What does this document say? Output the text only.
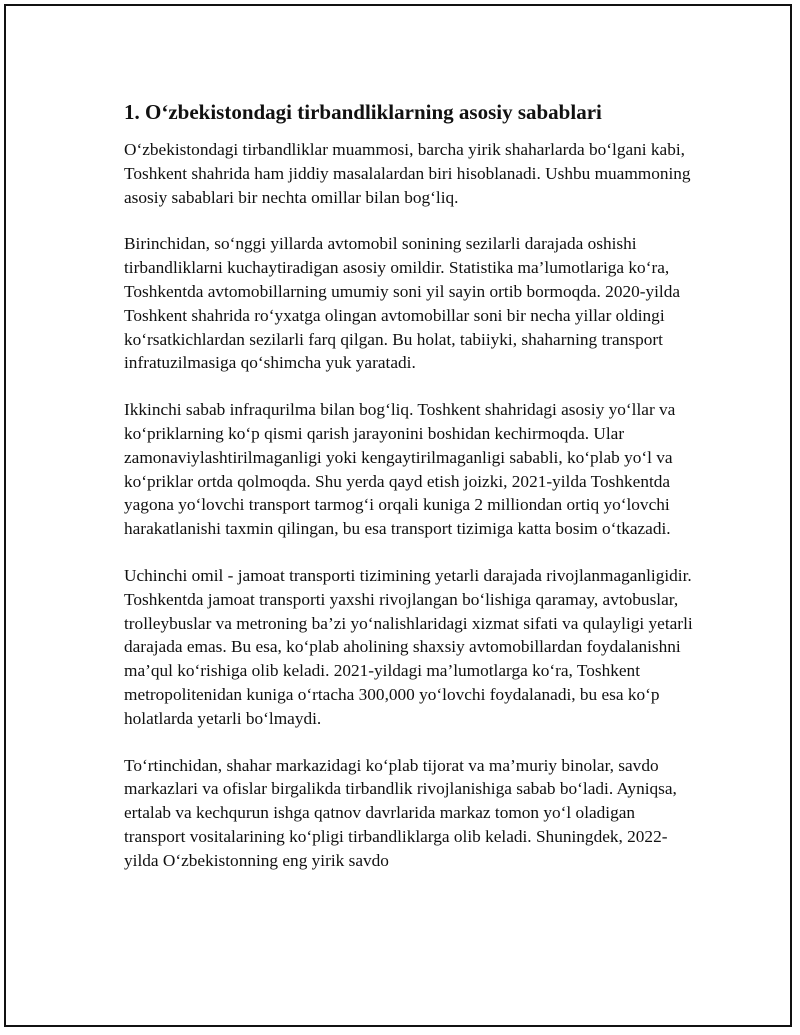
1. O‘zbekistondagi tirbandliklarning asosiy sabablari

O‘zbekistondagi tirbandliklar muammosi, barcha yirik shaharlarda bo‘lgani kabi, Toshkent shahrida ham jiddiy masalalardan biri hisoblanadi. Ushbu muammoning asosiy sabablari bir nechta omillar bilan bog‘liq.

Birinchidan, so‘nggi yillarda avtomobil sonining sezilarli darajada oshishi tirbandliklarni kuchaytiradigan asosiy omildir. Statistika ma’lumotlariga ko‘ra, Toshkentda avtomobillarning umumiy soni yil sayin ortib bormoqda. 2020-yilda Toshkent shahrida ro‘yxatga olingan avtomobillar soni bir necha yillar oldingi ko‘rsatkichlardan sezilarli farq qilgan. Bu holat, tabiiyki, shaharning transport infratuzilmasiga qo‘shimcha yuk yaratadi.

Ikkinchi sabab infraqurilma bilan bog‘liq. Toshkent shahridagi asosiy yo‘llar va ko‘priklarning ko‘p qismi qarish jarayonini boshidan kechirmoqda. Ular zamonaviylashtirilmaganligi yoki kengaytirilmaganligi sababli, ko‘plab yo‘l va ko‘priklar ortda qolmoqda. Shu yerda qayd etish joizki, 2021-yilda Toshkentda yagona yo‘lovchi transport tarmog‘i orqali kuniga 2 milliondan ortiq yo‘lovchi harakatlanishi taxmin qilingan, bu esa transport tizimiga katta bosim o‘tkazadi.

Uchinchi omil - jamoat transporti tizimining yetarli darajada rivojlanmaganligidir. Toshkentda jamoat transporti yaxshi rivojlangan bo‘lishiga qaramay, avtobuslar, trolleybuslar va metroning ba’zi yo‘nalishlaridagi xizmat sifati va qulayligi yetarli darajada emas. Bu esa, ko‘plab aholining shaxsiy avtomobillardan foydalanishni ma’qul ko‘rishiga olib keladi. 2021-yildagi ma’lumotlarga ko‘ra, Toshkent metropolitenidan kuniga o‘rtacha 300,000 yo‘lovchi foydalanadi, bu esa ko‘p holatlarda yetarli bo‘lmaydi.

To‘rtinchidan, shahar markazidagi ko‘plab tijorat va ma’muriy binolar, savdo markazlari va ofislar birgalikda tirbandlik rivojlanishiga sabab bo‘ladi. Ayniqsa, ertalab va kechqurun ishga qatnov davrlarida markaz tomon yo‘l oladigan transport vositalarining ko‘pligi tirbandliklarga olib keladi. Shuningdek, 2022-yilda O‘zbekistonning eng yirik savdo
